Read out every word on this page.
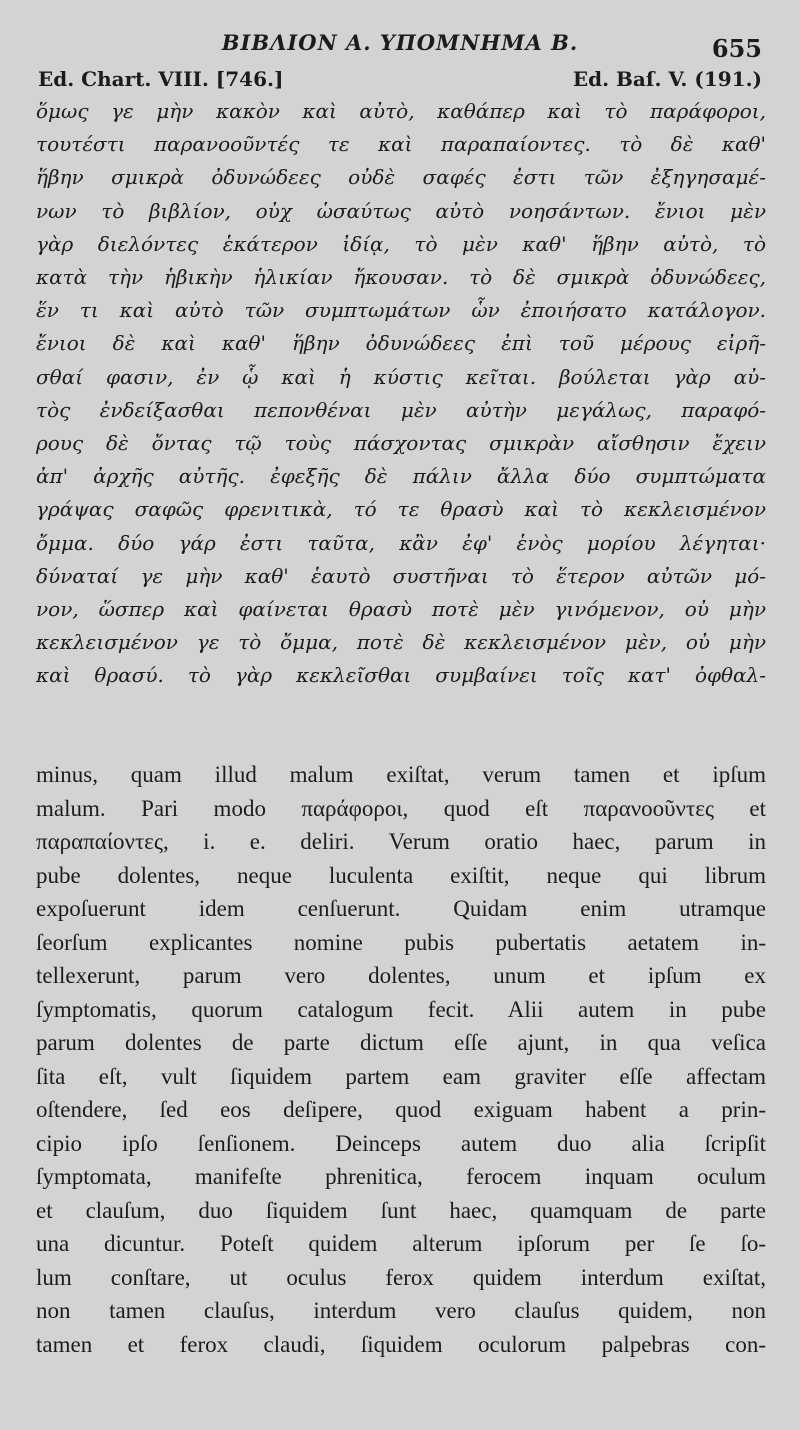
ΒΙΒΛΙΟΝ Α. ΥΠΟΜΝΗΜΑ Β.	655
Ed. Chart. VIII. [746.]	Ed. Baſ. V. (191.)
ὅμως γε μὴν κακὸν καὶ αὐτὸ, καθάπερ καὶ τὸ παράφοροι,
τουτέστι παρανοοῦντές τε καὶ παραπαίοντες. τὸ δὲ καθ'
ἥβην σμικρὰ ὀδυνώδεες οὐδὲ σαφές ἐστι τῶν ἐξηγησαμέ-
νων τὸ βιβλίον, οὐχ ὡσαύτως αὐτὸ νοησάντων. ἔνιοι μὲν
γὰρ διελόντες ἑκάτερον ἰδίᾳ, τὸ μὲν καθ' ἥβην αὐτὸ, τὸ
κατὰ τὴν ἡβικὴν ἡλικίαν ἤκουσαν. τὸ δὲ σμικρὰ ὀδυνώδεες,
ἕν τι καὶ αὐτὸ τῶν συμπτωμάτων ὧν ἐποιήσατο κατάλογον.
ἔνιοι δὲ καὶ καθ' ἥβην ὀδυνώδεες ἐπὶ τοῦ μέρους εἰρῆ-
σθαί φασιν, ἐν ᾧ καὶ ἡ κύστις κεῖται. βούλεται γὰρ αὐ-
τὸς ἐνδείξασθαι πεπονθέναι μὲν αὐτὴν μεγάλως, παραφό-
ρους δὲ ὄντας τῷ τοὺς πάσχοντας σμικρὰν αἴσθησιν ἔχειν
ἀπ' ἀρχῆς αὐτῆς. ἐφεξῆς δὲ πάλιν ἄλλα δύο συμπτώματα
γράψας σαφῶς φρενιτικὰ, τό τε θρασὺ καὶ τὸ κεκλεισμένον
ὄμμα. δύο γάρ ἐστι ταῦτα, κἂν ἐφ' ἑνὸς μορίου λέγηται·
δύναταί γε μὴν καθ' ἑαυτὸ συστῆναι τὸ ἕτερον αὐτῶν μό-
νον, ὥσπερ καὶ φαίνεται θρασὺ ποτὲ μὲν γινόμενον, οὐ μὴν
κεκλεισμένον γε τὸ ὄμμα, ποτὲ δὲ κεκλεισμένον μὲν, οὐ μὴν
καὶ θρασύ. τὸ γὰρ κεκλεῖσθαι συμβαίνει τοῖς κατ' ὀφθαλ-
minus, quam illud malum exiſtat, verum tamen et ipſum
malum. Pari modo παράφοροι, quod eſt παρανοοῦντες et
παραπαίοντες, i. e. deliri. Verum oratio haec, parum in
pube dolentes, neque luculenta exiſtit, neque qui librum
expoſuerunt idem cenſuerunt. Quidam enim utramque
ſeorſum explicantes nomine pubis pubertatis aetatem in-
tellexerunt, parum vero dolentes, unum et ipſum ex
ſymptomatis, quorum catalogum fecit. Alii autem in pube
parum dolentes de parte dictum eſſe ajunt, in qua veſica
ſita eſt, vult ſiquidem partem eam graviter eſſe affectam
oſtendere, ſed eos deſipere, quod exiguam habent a prin-
cipio ipſo ſenſionem. Deinceps autem duo alia ſcripſit
ſymptomata, manifeſte phrenitica, ferocem inquam oculum
et clauſum, duo ſiquidem ſunt haec, quamquam de parte
una dicuntur. Poteſt quidem alterum ipſorum per ſe ſo-
lum conſtare, ut oculus ferox quidem interdum exiſtat,
non tamen clauſus, interdum vero clauſus quidem, non
tamen et ferox claudi, ſiquidem oculorum palpebras con-
